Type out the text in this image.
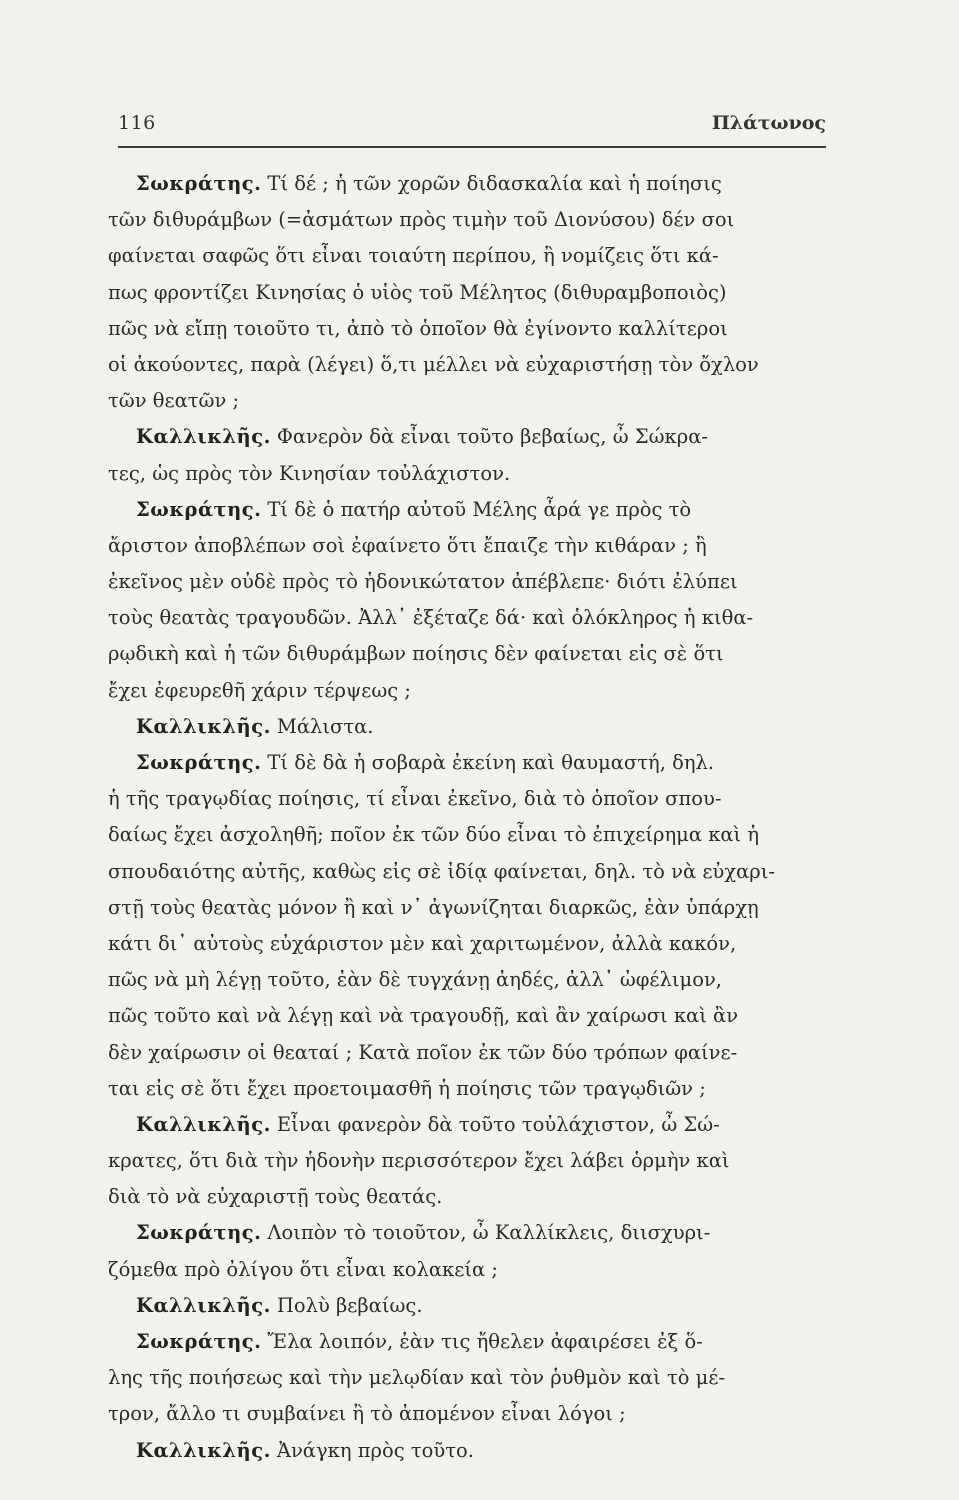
116	Πλάτωνος
Σωκράτης. Τί δέ ; ἡ τῶν χορῶν διδασκαλία καὶ ἡ ποίησις
τῶν διθυράμβων (=ἀσμάτων πρὸς τιμὴν τοῦ Διονύσου) δέν σοι
φαίνεται σαφῶς ὅτι εἶναι τοιαύτη περίπου, ἢ νομίζεις ὅτι κά-
πως φροντίζει Κινησίας ὁ υἱὸς τοῦ Μέλητος (διθυραμβοποιὸς)
πῶς νὰ εἴπῃ τοιοῦτο τι, ἀπὸ τὸ ὁποῖον θὰ ἐγίνοντο καλλίτεροι
οἱ ἀκούοντες, παρὰ (λέγει) ὅ,τι μέλλει νὰ εὐχαριστήσῃ τὸν ὄχλον
τῶν θεατῶν ;
Καλλικλῆς. Φανερὸν δὰ εἶναι τοῦτο βεβαίως, ὦ Σώκρα-
τες, ὡς πρὸς τὸν Κινησίαν τοὐλάχιστον.
Σωκράτης. Τί δὲ ὁ πατήρ αὐτοῦ Μέλης ἆρά γε πρὸς τὸ
ἄριστον ἀποβλέπων σοὶ ἐφαίνετο ὅτι ἔπαιζε τὴν κιθάραν ; ἢ
ἐκεῖνος μὲν οὐδὲ πρὸς τὸ ἡδονικώτατον ἀπέβλεπε· διότι ἐλύπει
τοὺς θεατὰς τραγουδῶν. Ἀλλ᾽ ἐξέταζε δά· καὶ ὁλόκληρος ἡ κιθα-
ρῳδικὴ καὶ ἡ τῶν διθυράμβων ποίησις δὲν φαίνεται εἰς σὲ ὅτι
ἔχει ἐφευρεθῆ χάριν τέρψεως ;
Καλλικλῆς. Μάλιστα.
Σωκράτης. Τί δὲ δὰ ἡ σοβαρὰ ἐκείνη καὶ θαυμαστή, δηλ.
ἡ τῆς τραγῳδίας ποίησις, τί εἶναι ἐκεῖνο, διὰ τὸ ὁποῖον σπου-
δαίως ἔχει ἀσχοληθῆ; ποῖον ἐκ τῶν δύο εἶναι τὸ ἐπιχείρημα καὶ ἡ
σπουδαιότης αὐτῆς, καθὼς εἰς σὲ ἰδίᾳ φαίνεται, δηλ. τὸ νὰ εὐχαρι-
στῇ τοὺς θεατὰς μόνον ἢ καὶ ν᾽ ἀγωνίζηται διαρκῶς, ἐὰν ὑπάρχῃ
κάτι δι᾽ αὐτοὺς εὐχάριστον μὲν καὶ χαριτωμένον, ἀλλὰ κακόν,
πῶς νὰ μὴ λέγῃ τοῦτο, ἐὰν δὲ τυγχάνῃ ἀηδές, ἀλλ᾽ ὠφέλιμον,
πῶς τοῦτο καὶ νὰ λέγῃ καὶ νὰ τραγουδῇ, καὶ ἂν χαίρωσι καὶ ἂν
δὲν χαίρωσιν οἱ θεαταί ; Κατὰ ποῖον ἐκ τῶν δύο τρόπων φαίνε-
ται εἰς σὲ ὅτι ἔχει προετοιμασθῆ ἡ ποίησις τῶν τραγῳδιῶν ;
Καλλικλῆς. Εἶναι φανερὸν δὰ τοῦτο τοὐλάχιστον, ὦ Σώ-
κρατες, ὅτι διὰ τὴν ἡδονὴν περισσότερον ἔχει λάβει ὁρμὴν καὶ
διὰ τὸ νὰ εὐχαριστῇ τοὺς θεατάς.
Σωκράτης. Λοιπὸν τὸ τοιοῦτον, ὦ Καλλίκλεις, διισχυρι-
ζόμεθα πρὸ ὀλίγου ὅτι εἶναι κολακεία ;
Καλλικλῆς. Πολὺ βεβαίως.
Σωκράτης. Ἔλα λοιπόν, ἐὰν τις ἤθελεν ἀφαιρέσει ἐξ ὅ-
λης τῆς ποιήσεως καὶ τὴν μελῳδίαν καὶ τὸν ῥυθμὸν καὶ τὸ μέ-
τρον, ἄλλο τι συμβαίνει ἢ τὸ ἀπομένον εἶναι λόγοι ;
Καλλικλῆς. Ἀνάγκη πρὸς τοῦτο.
